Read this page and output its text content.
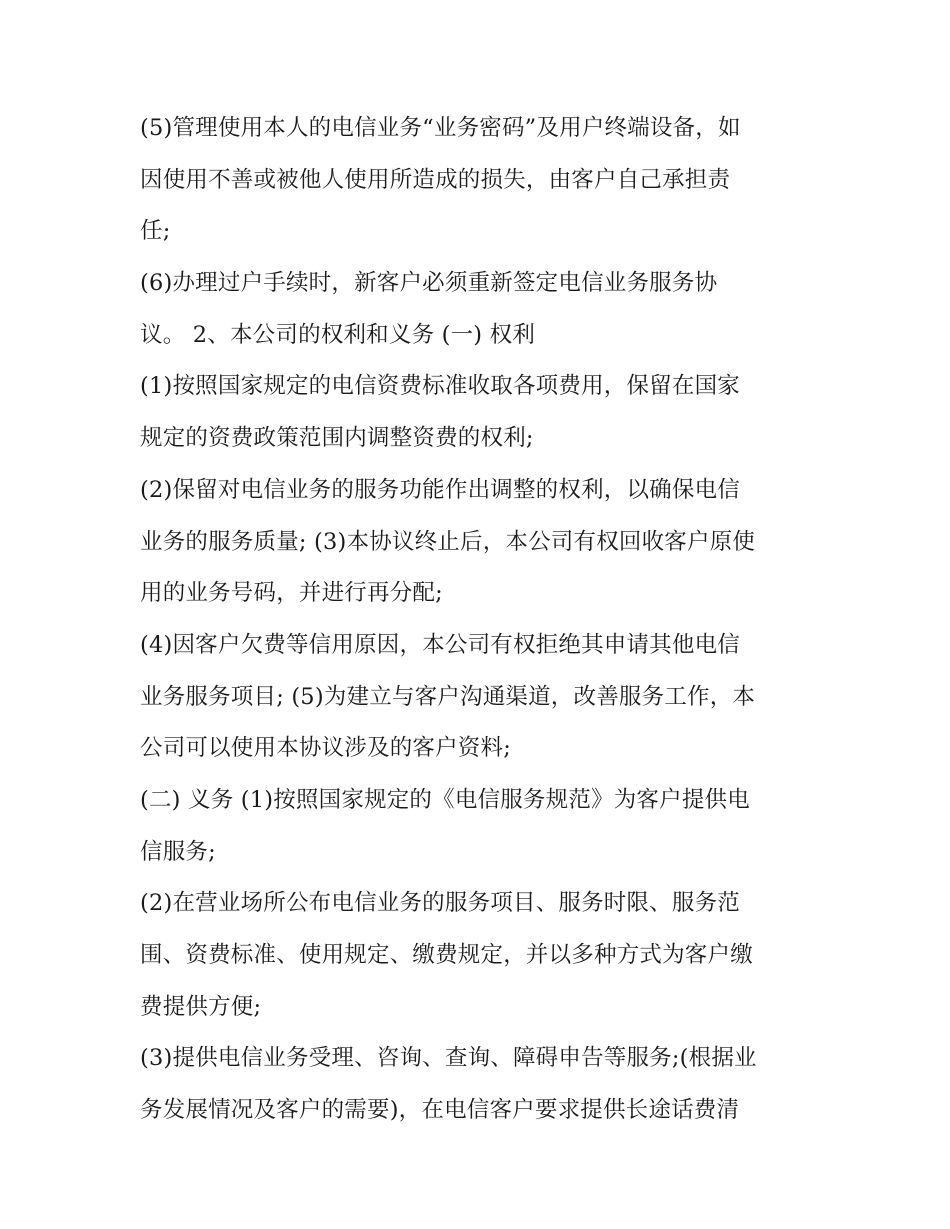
(5)管理使用本人的电信业务“业务密码”及用户终端设备，如
因使用不善或被他人使用所造成的损失，由客户自己承担责
任;
(6)办理过户手续时，新客户必须重新签定电信业务服务协
议。 2、本公司的权利和义务 (一) 权利
(1)按照国家规定的电信资费标准收取各项费用，保留在国家
规定的资费政策范围内调整资费的权利;
(2)保留对电信业务的服务功能作出调整的权利，以确保电信
业务的服务质量; (3)本协议终止后，本公司有权回收客户原使
用的业务号码，并进行再分配;
(4)因客户欠费等信用原因，本公司有权拒绝其申请其他电信
业务服务项目; (5)为建立与客户沟通渠道，改善服务工作，本
公司可以使用本协议涉及的客户资料;
(二) 义务 (1)按照国家规定的《电信服务规范》为客户提供电
信服务;
(2)在营业场所公布电信业务的服务项目、服务时限、服务范
围、资费标准、使用规定、缴费规定，并以多种方式为客户缴
费提供方便;
(3)提供电信业务受理、咨询、查询、障碍申告等服务;(根据业
务发展情况及客户的需要)，在电信客户要求提供长途话费清
